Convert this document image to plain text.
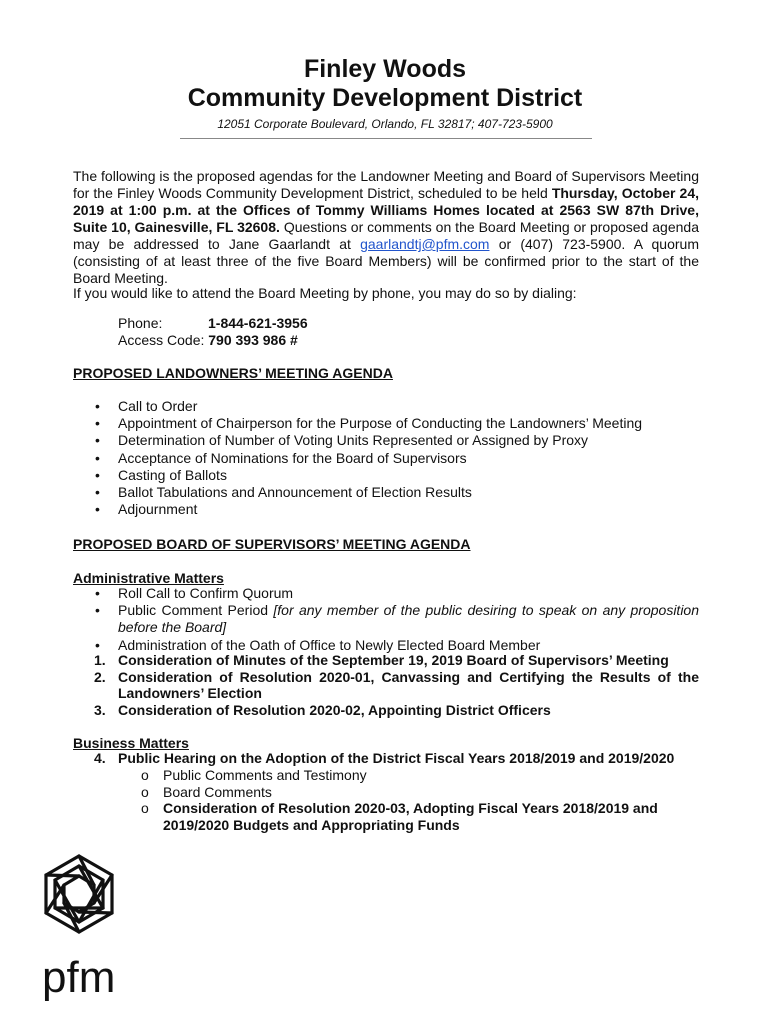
Finley Woods
Community Development District
12051 Corporate Boulevard, Orlando, FL 32817; 407-723-5900

The following is the proposed agendas for the Landowner Meeting and Board of Supervisors Meeting for the Finley Woods Community Development District, scheduled to be held Thursday, October 24, 2019 at 1:00 p.m. at the Offices of Tommy Williams Homes located at 2563 SW 87th Drive, Suite 10, Gainesville, FL 32608. Questions or comments on the Board Meeting or proposed agenda may be addressed to Jane Gaarlandt at gaarlandtj@pfm.com or (407) 723-5900. A quorum (consisting of at least three of the five Board Members) will be confirmed prior to the start of the Board Meeting.

If you would like to attend the Board Meeting by phone, you may do so by dialing:

Phone:	1-844-621-3956
Access Code: 790 393 986 #
PROPOSED LANDOWNERS’ MEETING AGENDA
• Call to Order
• Appointment of Chairperson for the Purpose of Conducting the Landowners’ Meeting
• Determination of Number of Voting Units Represented or Assigned by Proxy
• Acceptance of Nominations for the Board of Supervisors
• Casting of Ballots
• Ballot Tabulations and Announcement of Election Results
• Adjournment
PROPOSED BOARD OF SUPERVISORS’ MEETING AGENDA
Administrative Matters
• Roll Call to Confirm Quorum
• Public Comment Period [for any member of the public desiring to speak on any proposition before the Board]
• Administration of the Oath of Office to Newly Elected Board Member
1. Consideration of Minutes of the September 19, 2019 Board of Supervisors’ Meeting
2. Consideration of Resolution 2020-01, Canvassing and Certifying the Results of the Landowners’ Election
3. Consideration of Resolution 2020-02, Appointing District Officers
Business Matters
4. Public Hearing on the Adoption of the District Fiscal Years 2018/2019 and 2019/2020
o Public Comments and Testimony
o Board Comments
o Consideration of Resolution 2020-03, Adopting Fiscal Years 2018/2019 and 2019/2020 Budgets and Appropriating Funds
pfm
